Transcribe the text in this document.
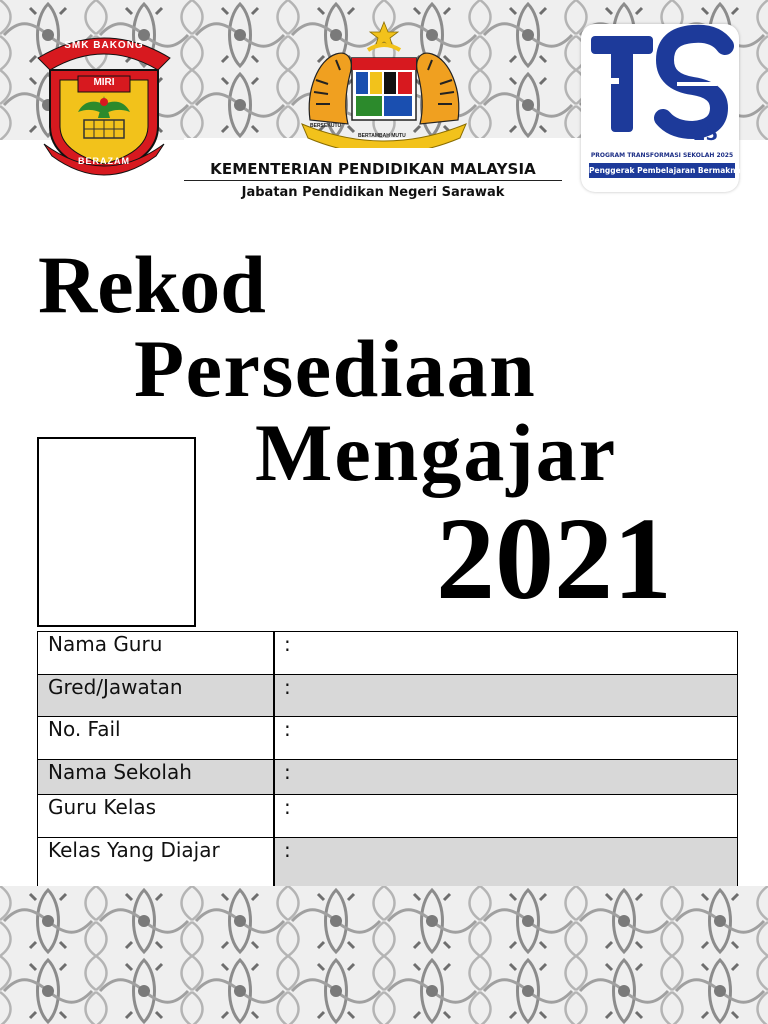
SMK BAKONG
MIRI
BERAZAM
BERSEKUTU
BERTAMBAH MUTU	25
PROGRAM TRANSFORMASI SEKOLAH 2025
Penggerak Pembelajaran Bermakna
KEMENTERIAN PENDIDIKAN MALAYSIA
Jabatan Pendidikan Negeri Sarawak
Rekod
Persediaan
Mengajar
2021
Nama Guru	:
Gred/Jawatan	:
No. Fail	:
Nama Sekolah	:
Guru Kelas	:
Kelas Yang Diajar	:
